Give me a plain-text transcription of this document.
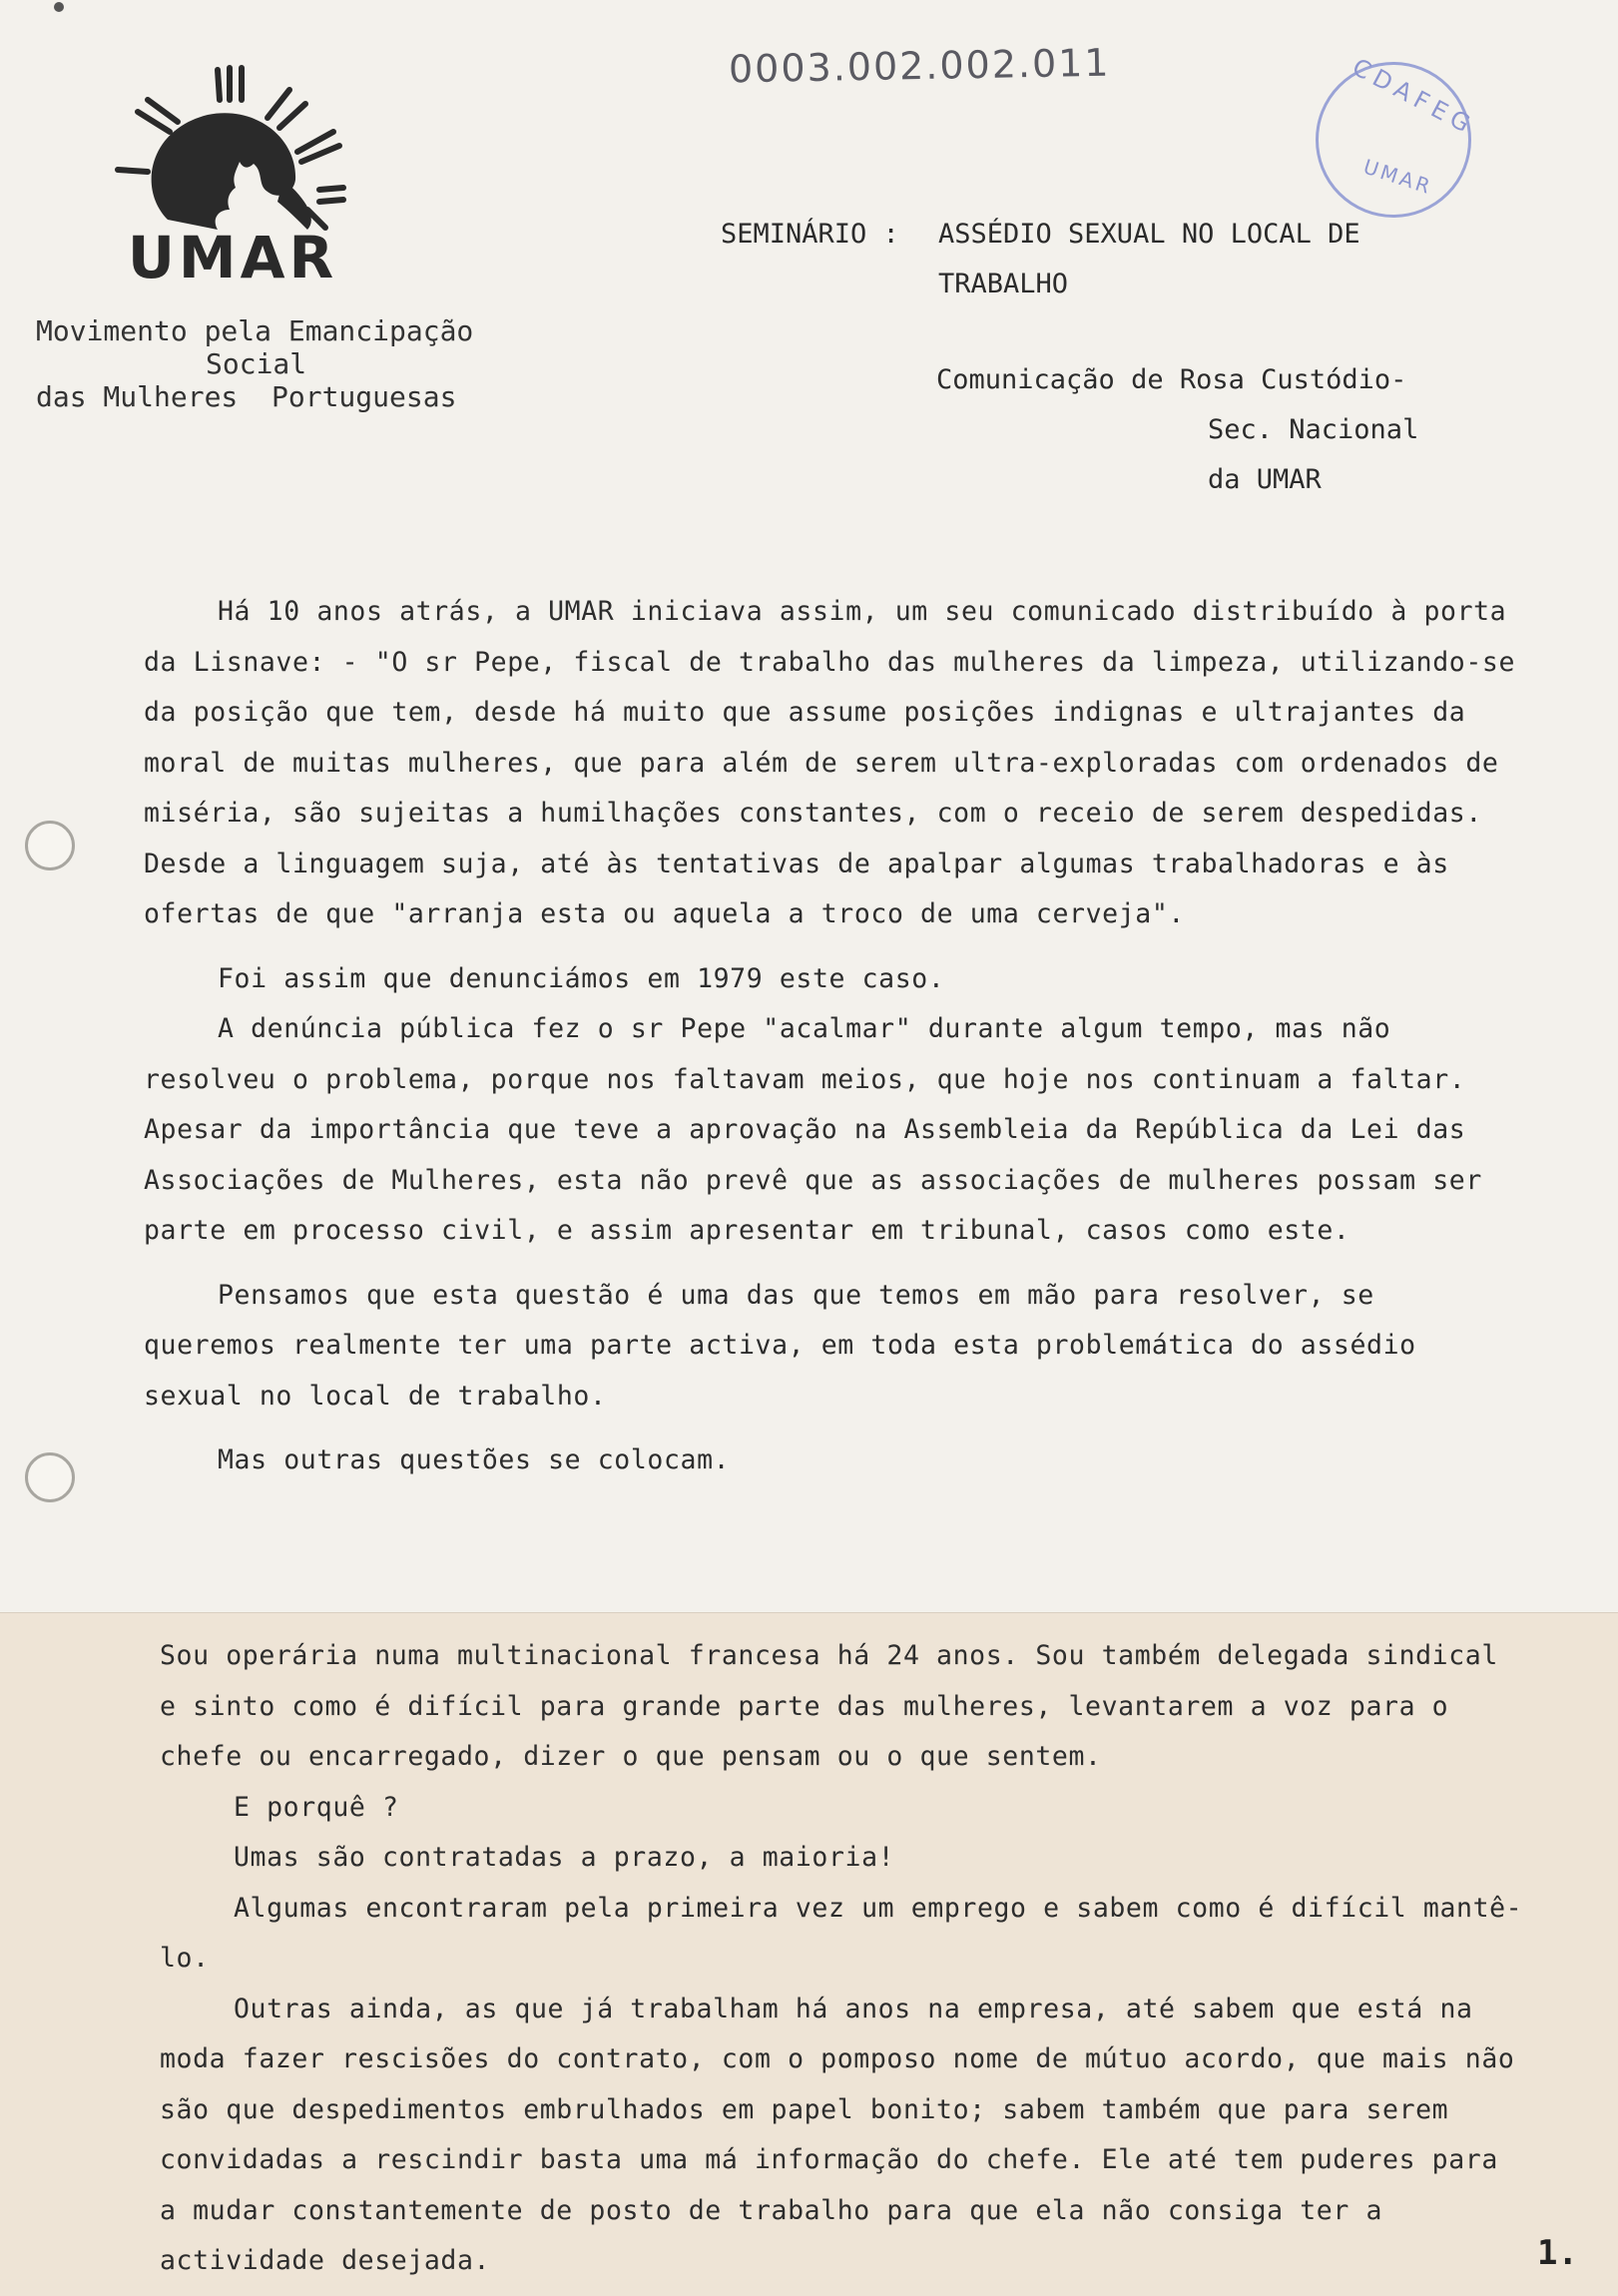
0003.002.002.011	CDAFEG
UMAR
UMAR
Movimento pela Emancipação
Social
das Mulheres  Portuguesas
SEMINÁRIO : ASSÉDIO SEXUAL NO LOCAL DE
TRABALHO
Comunicação de Rosa Custódio-
Sec. Nacional
da UMAR

Há 10 anos atrás, a UMAR iniciava assim, um seu comunicado distribuído à porta da Lisnave: - "O sr Pepe, fiscal de trabalho das mulheres da limpeza, utilizando-se da posição que tem, desde há muito que assume posições indignas e ultrajantes da moral de muitas mulheres, que para além de serem ultra-exploradas com ordenados de miséria, são sujeitas a humilhações constantes, com o receio de serem despedidas. Desde a linguagem suja, até às tentativas de apalpar algumas trabalhadoras e às ofertas de que "arranja esta ou aquela a troco de uma cerveja".

Foi assim que denunciámos em 1979 este caso.

A denúncia pública fez o sr Pepe "acalmar" durante algum tempo, mas não resolveu o problema, porque nos faltavam meios, que hoje nos continuam a faltar. Apesar da importância que teve a aprovação na Assembleia da República da Lei das Associações de Mulheres, esta não prevê que as associações de mulheres possam ser parte em processo civil, e assim apresentar em tribunal, casos como este.

Pensamos que esta questão é uma das que temos em mão para resolver, se queremos realmente ter uma parte activa, em toda esta problemática do assédio sexual no local de trabalho.

Mas outras questões se colocam.

Sou operária numa multinacional francesa há 24 anos. Sou também delegada sindical e sinto como é difícil para grande parte das mulheres, levantarem a voz para o chefe ou encarregado, dizer o que pensam ou o que sentem.

E porquê ?

Umas são contratadas a prazo, a maioria!

Algumas encontraram pela primeira vez um emprego e sabem como é difícil mantê-lo.

Outras ainda, as que já trabalham há anos na empresa, até sabem que está na moda fazer rescisões do contrato, com o pomposo nome de mútuo acordo, que mais não são que despedimentos embrulhados em papel bonito; sabem também que para serem convidadas a rescindir basta uma má informação do chefe. Ele até tem puderes para a mudar constantemente de posto de trabalho para que ela não consiga ter a actividade desejada.	1.
